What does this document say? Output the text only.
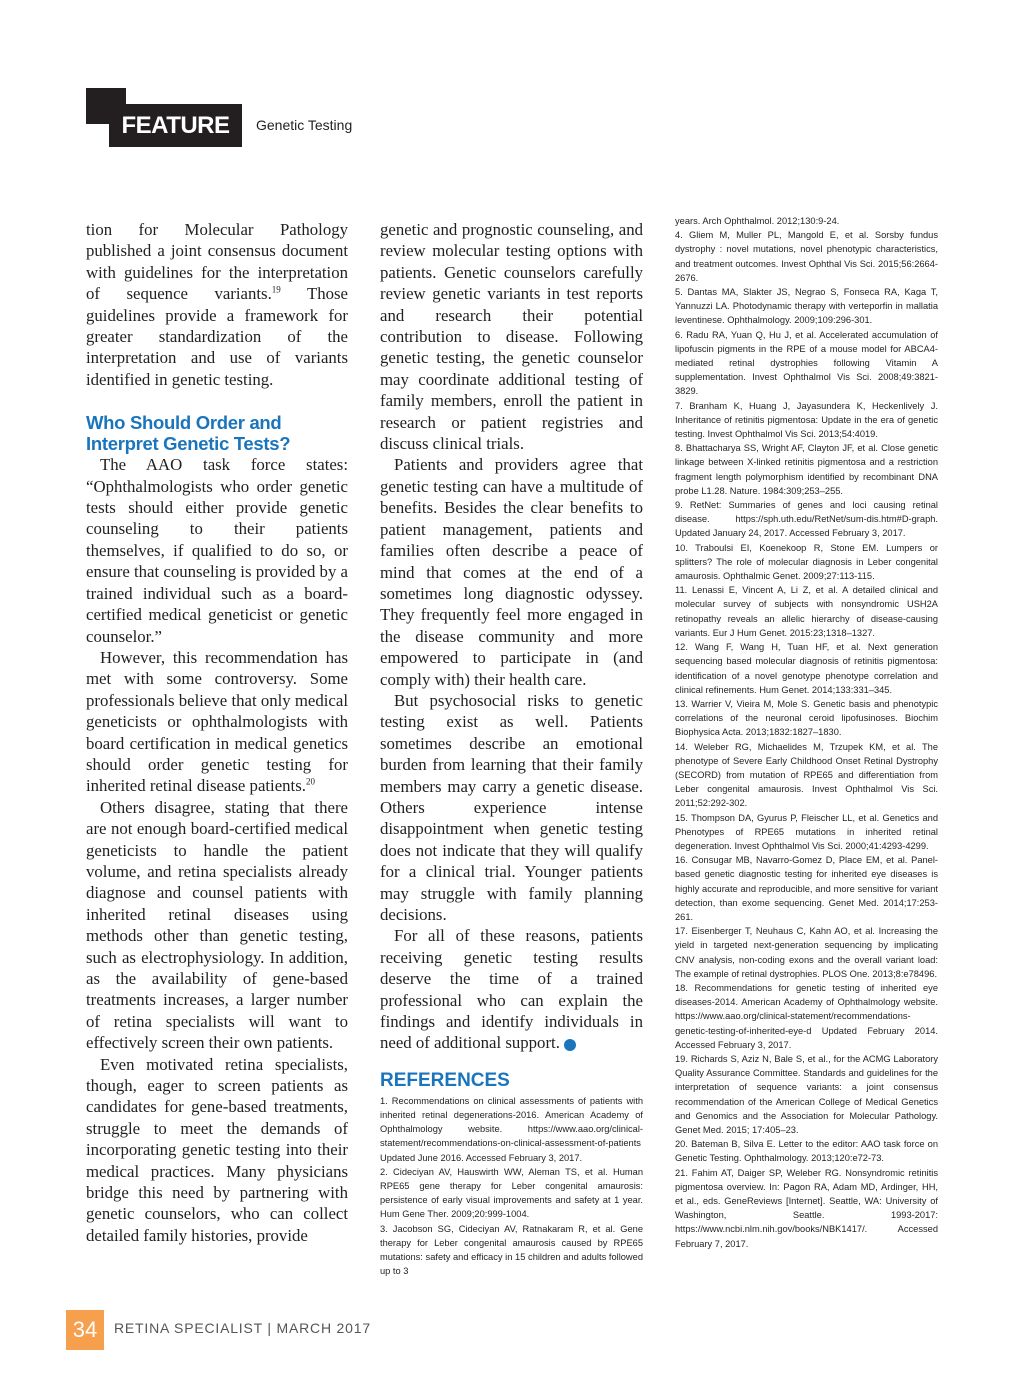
FEATURE	Genetic Testing

tion for Molecular Pathology published a joint consensus document with guidelines for the interpretation of sequence variants.$^{19}$ Those guidelines provide a framework for greater standardization of the interpretation and use of variants identified in genetic testing.

Who Should Order and Interpret Genetic Tests?

The AAO task force states: “Ophthalmologists who order genetic tests should either provide genetic counseling to their patients themselves, if qualified to do so, or ensure that counseling is provided by a trained individual such as a board-certified medical geneticist or genetic counselor.”

However, this recommendation has met with some controversy. Some professionals believe that only medical geneticists or ophthalmologists with board certification in medical genetics should order genetic testing for inherited retinal disease patients.$^{20}$

Others disagree, stating that there are not enough board-certified medical geneticists to handle the patient volume, and retina specialists already diagnose and counsel patients with inherited retinal diseases using methods other than genetic testing, such as electrophysiology. In addition, as the availability of gene-based treatments increases, a larger number of retina specialists will want to effectively screen their own patients.

Even motivated retina specialists, though, eager to screen patients as candidates for gene-based treatments, struggle to meet the demands of incorporating genetic testing into their medical practices. Many physicians bridge this need by partnering with genetic counselors, who can collect detailed family histories, provide

genetic and prognostic counseling, and review molecular testing options with patients. Genetic counselors carefully review genetic variants in test reports and research their potential contribution to disease. Following genetic testing, the genetic counselor may coordinate additional testing of family members, enroll the patient in research or patient registries and discuss clinical trials.

Patients and providers agree that genetic testing can have a multitude of benefits. Besides the clear benefits to patient management, patients and families often describe a peace of mind that comes at the end of a sometimes long diagnostic odyssey. They frequently feel more engaged in the disease community and more empowered to participate in (and comply with) their health care.

But psychosocial risks to genetic testing exist as well. Patients sometimes describe an emotional burden from learning that their family members may carry a genetic disease. Others experience intense disappointment when genetic testing does not indicate that they will qualify for a clinical trial. Younger patients may struggle with family planning decisions.

For all of these reasons, patients receiving genetic testing results deserve the time of a trained professional who can explain the findings and identify individuals in need of additional support.	RS

REFERENCES

1. Recommendations on clinical assessments of patients with inherited retinal degenerations-2016. American Academy of Ophthalmology website. https://www.aao.org/clinical-statement/recommendations-on-clinical-assessment-of-patients Updated June 2016. Accessed February 3, 2017.

2. Cideciyan AV, Hauswirth WW, Aleman TS, et al. Human RPE65 gene therapy for Leber congenital amaurosis: persistence of early visual improvements and safety at 1 year. Hum Gene Ther. 2009;20:999-1004.

3. Jacobson SG, Cideciyan AV, Ratnakaram R, et al. Gene therapy for Leber congenital amaurosis caused by RPE65 mutations: safety and efficacy in 15 children and adults followed up to 3

years. Arch Ophthalmol. 2012;130:9-24.

4. Gliem M, Muller PL, Mangold E, et al. Sorsby fundus dystrophy : novel mutations, novel phenotypic characteristics, and treatment outcomes. Invest Ophthal Vis Sci. 2015;56:2664-2676.

5. Dantas MA, Slakter JS, Negrao S, Fonseca RA, Kaga T, Yannuzzi LA. Photodynamic therapy with verteporfin in mallatia leventinese. Ophthalmology. 2009;109:296-301.

6. Radu RA, Yuan Q, Hu J, et al. Accelerated accumulation of lipofuscin pigments in the RPE of a mouse model for ABCA4-mediated retinal dystrophies following Vitamin A supplementation. Invest Ophthalmol Vis Sci. 2008;49:3821-3829.

7. Branham K, Huang J, Jayasundera K, Heckenlively J. Inheritance of retinitis pigmentosa: Update in the era of genetic testing. Invest Ophthalmol Vis Sci. 2013;54:4019.

8. Bhattacharya SS, Wright AF, Clayton JF, et al. Close genetic linkage between X-linked retinitis pigmentosa and a restriction fragment length polymorphism identified by recombinant DNA probe L1.28. Nature. 1984:309;253–255.

9. RetNet: Summaries of genes and loci causing retinal disease. https://sph.uth.edu/RetNet/sum-dis.htm#D-graph. Updated January 24, 2017. Accessed February 3, 2017.

10. Traboulsi EI, Koenekoop R, Stone EM. Lumpers or splitters? The role of molecular diagnosis in Leber congenital amaurosis. Ophthalmic Genet. 2009;27:113-115.

11. Lenassi E, Vincent A, Li Z, et al. A detailed clinical and molecular survey of subjects with nonsyndromic USH2A retinopathy reveals an allelic hierarchy of disease-causing variants. Eur J Hum Genet. 2015:23;1318–1327.

12. Wang F, Wang H, Tuan HF, et al. Next generation sequencing based molecular diagnosis of retinitis pigmentosa: identification of a novel genotype phenotype correlation and clinical refinements. Hum Genet. 2014;133:331–345.

13. Warrier V, Vieira M, Mole S. Genetic basis and phenotypic correlations of the neuronal ceroid lipofusinoses. Biochim Biophysica Acta. 2013;1832:1827–1830.

14. Weleber RG, Michaelides M, Trzupek KM, et al. The phenotype of Severe Early Childhood Onset Retinal Dystrophy (SECORD) from mutation of RPE65 and differentiation from Leber congenital amaurosis. Invest Ophthalmol Vis Sci. 2011;52:292-302.

15. Thompson DA, Gyurus P, Fleischer LL, et al. Genetics and Phenotypes of RPE65 mutations in inherited retinal degeneration. Invest Ophthalmol Vis Sci. 2000;41:4293-4299.

16. Consugar MB, Navarro-Gomez D, Place EM, et al. Panel-based genetic diagnostic testing for inherited eye diseases is highly accurate and reproducible, and more sensitive for variant detection, than exome sequencing. Genet Med. 2014;17:253-261.

17. Eisenberger T, Neuhaus C, Kahn AO, et al. Increasing the yield in targeted next-generation sequencing by implicating CNV analysis, non-coding exons and the overall variant load: The example of retinal dystrophies. PLOS One. 2013;8:e78496.

18. Recommendations for genetic testing of inherited eye diseases-2014. American Academy of Ophthalmology website. https://www.aao.org/clinical-statement/recommendations-genetic-testing-of-inherited-eye-d Updated February 2014. Accessed February 3, 2017.

19. Richards S, Aziz N, Bale S, et al., for the ACMG Laboratory Quality Assurance Committee. Standards and guidelines for the interpretation of sequence variants: a joint consensus recommendation of the American College of Medical Genetics and Genomics and the Association for Molecular Pathology. Genet Med. 2015; 17:405–23.

20. Bateman B, Silva E. Letter to the editor: AAO task force on Genetic Testing. Ophthalmology. 2013;120:e72-73.

21. Fahim AT, Daiger SP, Weleber RG. Nonsyndromic retinitis pigmentosa overview. In: Pagon RA, Adam MD, Ardinger, HH, et al., eds. GeneReviews [Internet]. Seattle, WA: University of Washington, Seattle. 1993-2017: https://www.ncbi.nlm.nih.gov/books/NBK1417/. Accessed February 7, 2017.

34	RETINA SPECIALIST | MARCH 2017
